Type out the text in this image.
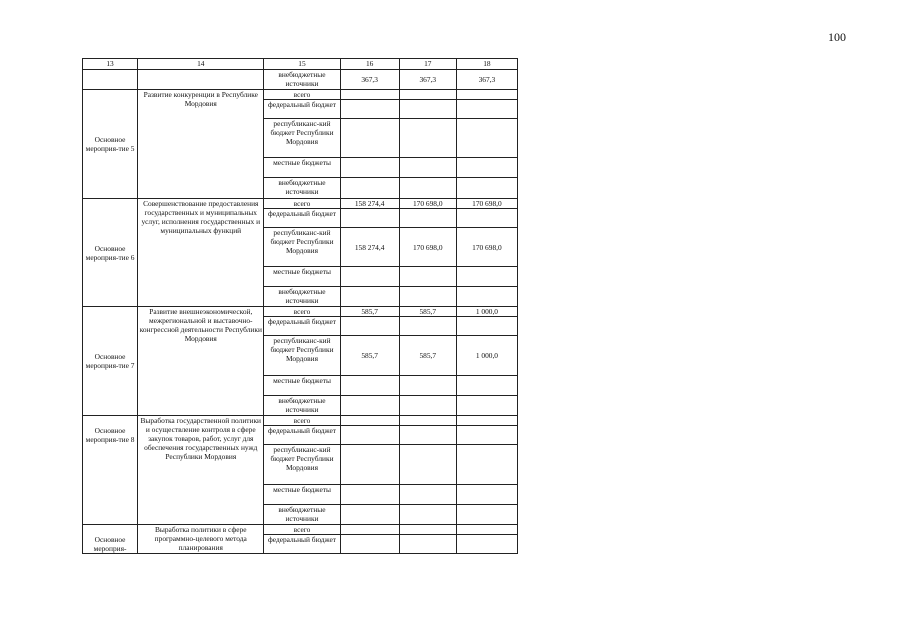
100
13	14	15	16	17	18
		внебюджетные источники	367,3	367,3	367,3
Основное мероприя-тие 5	Развитие конкуренции в Республике Мордовия	всего			
		федеральный бюджет			
		республиканс-кий бюджет Республики Мордовия			
		местные бюджеты			
		внебюджетные источники			
Основное мероприя-тие 6	Совершенствование предоставления государственных и муниципальных услуг, исполнения государственных и муниципальных функций	всего	158 274,4	170 698,0	170 698,0
		федеральный бюджет			
		республиканс-кий бюджет Республики Мордовия	158 274,4	170 698,0	170 698,0
		местные бюджеты			
		внебюджетные источники			
Основное мероприя-тие 7	Развитие внешнеэкономической, межрегиональной и выставочно-конгрессной деятельности Республики Мордовия	всего	585,7	585,7	1 000,0
		федеральный бюджет			
		республиканс-кий бюджет Республики Мордовия	585,7	585,7	1 000,0
		местные бюджеты			
		внебюджетные источники			

Основное мероприя-тие 8	Выработка государственной политики и осуществление контроля в сфере закупок товаров, работ, услуг для обеспечения государственных нужд Республики Мордовия	всего			
		федеральный бюджет			
		республиканс-кий бюджет Республики Мордовия			
		местные бюджеты			
		внебюджетные источники			
Основное мероприя-	Выработка политики в сфере программно-целевого метода планирования	всего			
		федеральный бюджет			
